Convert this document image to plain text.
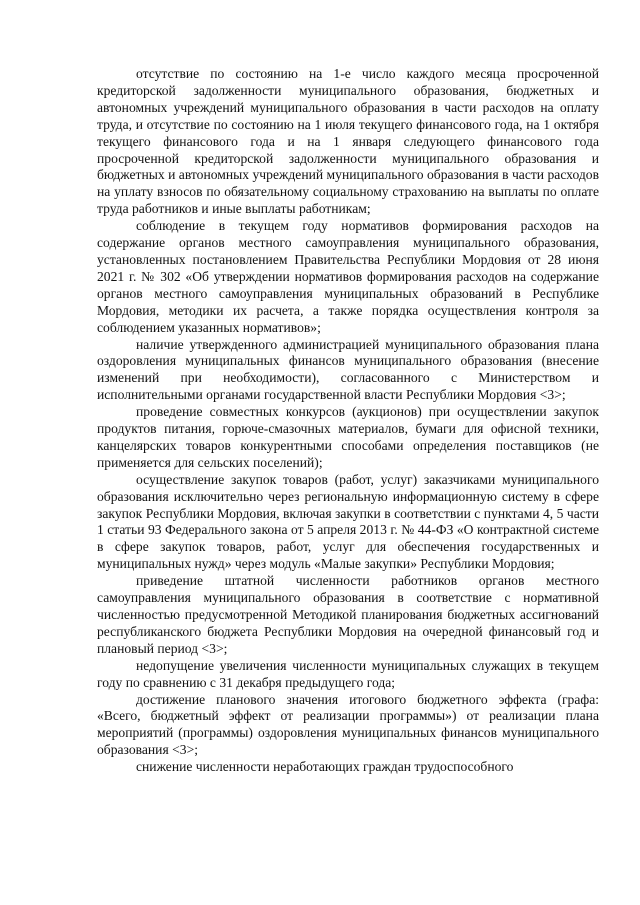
отсутствие по состоянию на 1-е число каждого месяца просроченной кредиторской задолженности муниципального образования, бюджетных и автономных учреждений муниципального образования в части расходов на оплату труда, и отсутствие по состоянию на 1 июля текущего финансового года, на 1 октября текущего финансового года и на 1 января следующего финансового года просроченной кредиторской задолженности муниципального образования и бюджетных и автономных учреждений муниципального образования в части расходов на уплату взносов по обязательному социальному страхованию на выплаты по оплате труда работников и иные выплаты работникам;

соблюдение в текущем году нормативов формирования расходов на содержание органов местного самоуправления муниципального образования, установленных постановлением Правительства Республики Мордовия от 28 июня 2021 г. № 302 «Об утверждении нормативов формирования расходов на содержание органов местного самоуправления муниципальных образований в Республике Мордовия, методики их расчета, а также порядка осуществления контроля за соблюдением указанных нормативов»;

наличие утвержденного администрацией муниципального образования плана оздоровления муниципальных финансов муниципального образования (внесение изменений при необходимости), согласованного с Министерством и исполнительными органами государственной власти Республики Мордовия <3>;

проведение совместных конкурсов (аукционов) при осуществлении закупок продуктов питания, горюче-смазочных материалов, бумаги для офисной техники, канцелярских товаров конкурентными способами определения поставщиков (не применяется для сельских поселений);

осуществление закупок товаров (работ, услуг) заказчиками муниципального образования исключительно через региональную информационную систему в сфере закупок Республики Мордовия, включая закупки в соответствии с пунктами 4, 5 части 1 статьи 93 Федерального закона от 5 апреля 2013 г. № 44-ФЗ «О контрактной системе в сфере закупок товаров, работ, услуг для обеспечения государственных и муниципальных нужд» через модуль «Малые закупки» Республики Мордовия;

приведение штатной численности работников органов местного самоуправления муниципального образования в соответствие с нормативной численностью предусмотренной Методикой планирования бюджетных ассигнований республиканского бюджета Республики Мордовия на очередной финансовый год и плановый период <3>;

недопущение увеличения численности муниципальных служащих в текущем году по сравнению с 31 декабря предыдущего года;

достижение планового значения итогового бюджетного эффекта (графа: «Всего, бюджетный эффект от реализации программы») от реализации плана мероприятий (программы) оздоровления муниципальных финансов муниципального образования <3>;

снижение численности неработающих граждан трудоспособного
